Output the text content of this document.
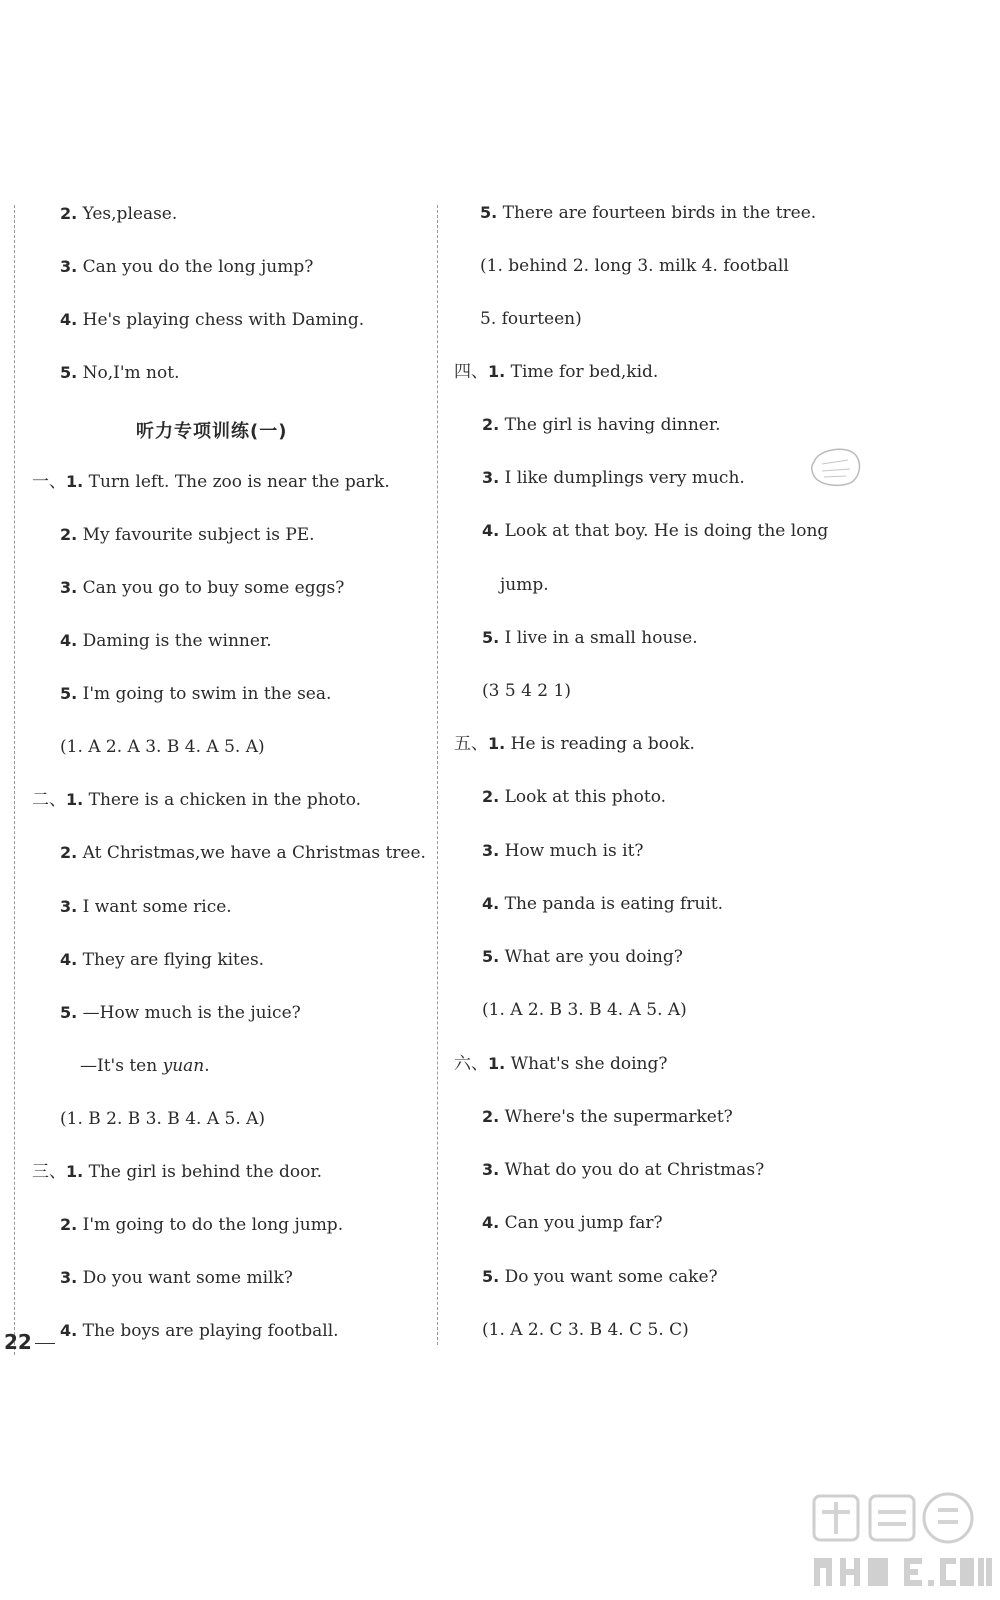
2. Yes,please.
3. Can you do the long jump?
4. He's playing chess with Daming.
5. No,I'm not.
听力专项训练(一)
一、1. Turn left. The zoo is near the park.
2. My favourite subject is PE.
3. Can you go to buy some eggs?
4. Daming is the winner.
5. I'm going to swim in the sea.
(1. A 2. A 3. B 4. A 5. A)
二、1. There is a chicken in the photo.
2. At Christmas,we have a Christmas tree.
3. I want some rice.
4. They are flying kites.
5. —How much is the juice?
—It's ten yuan.
(1. B 2. B 3. B 4. A 5. A)
三、1. The girl is behind the door.
2. I'm going to do the long jump.
3. Do you want some milk?
4. The boys are playing football.
5. There are fourteen birds in the tree.
(1. behind 2. long 3. milk 4. football
5. fourteen)
四、1. Time for bed,kid.
2. The girl is having dinner.
3. I like dumplings very much.
4. Look at that boy. He is doing the long
jump.
5. I live in a small house.
(3 5 4 2 1)
五、1. He is reading a book.
2. Look at this photo.
3. How much is it?
4. The panda is eating fruit.
5. What are you doing?
(1. A 2. B 3. B 4. A 5. A)
六、1. What's she doing?
2. Where's the supermarket?
3. What do you do at Christmas?
4. Can you jump far?
5. Do you want some cake?
(1. A 2. C 3. B 4. C 5. C)
22
